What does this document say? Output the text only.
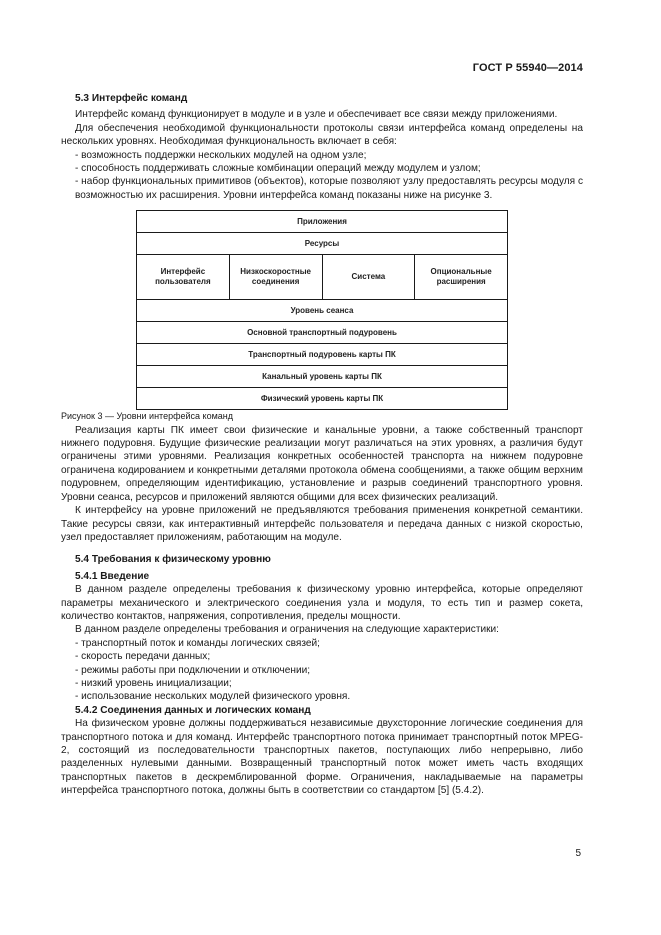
ГОСТ Р 55940—2014

5.3 Интерфейс команд

Интерфейс команд функционирует в модуле и в узле и обеспечивает все связи между приложениями.

Для обеспечения необходимой функциональности протоколы связи интерфейса команд определены на нескольких уровнях. Необходимая функциональность включает в себя:

- возможность поддержки нескольких модулей на одном узле;

- способность поддерживать сложные комбинации операций между модулем и узлом;

- набор функциональных примитивов (объектов), которые позволяют узлу предоставлять ресурсы модуля с возможностью их расширения. Уровни интерфейса команд показаны ниже на рисунке 3.

Приложения
Ресурсы
Интерфейс пользователя
Низкоскоростные соединения
Система
Опциональные расширения
Уровень сеанса
Основной транспортный подуровень
Транспортный подуровень карты ПК
Канальный уровень карты ПК
Физический уровень карты ПК

Рисунок 3 — Уровни интерфейса команд

Реализация карты ПК имеет свои физические и канальные уровни, а также собственный транспорт нижнего подуровня. Будущие физические реализации могут различаться на этих уровнях, а различия будут ограничены этими уровнями. Реализация конкретных особенностей транспорта на нижнем подуровне ограничена кодированием и конкретными деталями протокола обмена сообщениями, а также общим верхним подуровнем, определяющим идентификацию, установление и разрыв соединений транспортного уровня. Уровни сеанса, ресурсов и приложений являются общими для всех физических реализаций.

К интерфейсу на уровне приложений не предъявляются требования применения конкретной семантики. Такие ресурсы связи, как интерактивный интерфейс пользователя и передача данных с низкой скоростью, узел предоставляет приложениям, работающим на модуле.

5.4 Требования к физическому уровню

5.4.1 Введение

В данном разделе определены требования к физическому уровню интерфейса, которые определяют параметры механического и электрического соединения узла и модуля, то есть тип и размер сокета, количество контактов, напряжения, сопротивления, пределы мощности.

В данном разделе определены требования и ограничения на следующие характеристики:

- транспортный поток и команды логических связей;

- скорость передачи данных;

- режимы работы при подключении и отключении;

- низкий уровень инициализации;

- использование нескольких модулей физического уровня.

5.4.2 Соединения данных и логических команд

На физическом уровне должны поддерживаться независимые двухсторонние логические соединения для транспортного потока и для команд. Интерфейс транспортного потока принимает транспортный поток MPEG-2, состоящий из последовательности транспортных пакетов, поступающих либо непрерывно, либо разделенных нулевыми данными. Возвращенный транспортный поток может иметь часть входящих транспортных пакетов в дескремблированной форме. Ограничения, накладываемые на параметры интерфейса транспортного потока, должны быть в соответствии со стандартом [5] (5.4.2).

5
